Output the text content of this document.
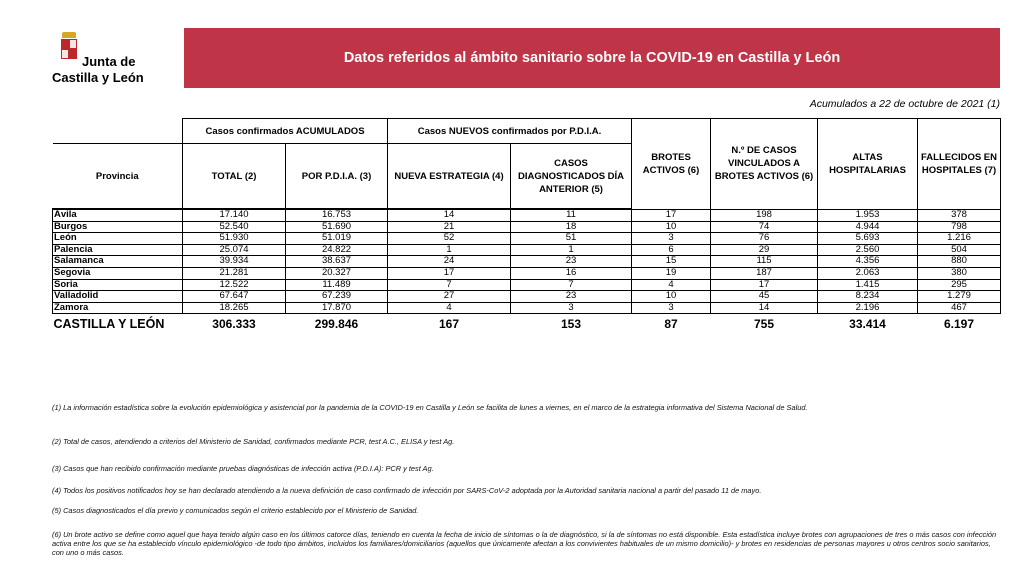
Junta de
Castilla y León
Datos referidos al ámbito sanitario sobre la COVID-19 en Castilla y León
Acumulados a 22 de octubre de 2021 (1)
	Casos confirmados ACUMULADOS		Casos NUEVOS confirmados por P.D.I.A.		BROTES ACTIVOS (6)	N.º DE CASOS VINCULADOS A BROTES ACTIVOS (6)	ALTAS HOSPITALARIAS	FALLECIDOS EN HOSPITALES (7)
Provincia	TOTAL (2)	POR P.D.I.A. (3)	NUEVA ESTRATEGIA (4)	CASOS DIAGNOSTICADOS DÍA ANTERIOR (5)				
Ávila	17.140	16.753	14	11	17	198	1.953	378
Burgos	52.540	51.690	21	18	10	74	4.944	798
León	51.930	51.019	52	51	3	76	5.693	1.216
Palencia	25.074	24.822	1	1	6	29	2.560	504
Salamanca	39.934	38.637	24	23	15	115	4.356	880
Segovia	21.281	20.327	17	16	19	187	2.063	380
Soria	12.522	11.489	7	7	4	17	1.415	295
Valladolid	67.647	67.239	27	23	10	45	8.234	1.279
Zamora	18.265	17.870	4	3	3	14	2.196	467
CASTILLA Y LEÓN	306.333	299.846	167	153	87	755	33.414	6.197
(1) La información estadística sobre la evolución epidemiológica y asistencial por la pandemia de la COVID-19 en Castilla y León se facilita de lunes a viernes, en el marco de la estrategia informativa del Sistema Nacional de Salud.
(2) Total de casos, atendiendo a criterios del Ministerio de Sanidad, confirmados mediante PCR, test A.C., ELISA y test Ag.
(3) Casos que han recibido confirmación mediante pruebas diagnósticas de infección activa (P.D.I.A): PCR y test Ag.
(4) Todos los positivos notificados hoy se han declarado atendiendo a la nueva definición de caso confirmado de infección por SARS-CoV-2 adoptada por la Autoridad sanitaria nacional a partir del pasado 11 de mayo.
(5) Casos diagnosticados el día previo y comunicados según el criterio establecido por el Ministerio de Sanidad.
(6) Un brote activo se define como aquel que haya tenido algún caso en los últimos catorce días, teniendo en cuenta la fecha de inicio de síntomas o la de diagnóstico, si la de síntomas no está disponible. Esta estadística incluye brotes con agrupaciones de tres o más casos con infección activa entre los que se ha establecido vínculo epidemiológico -de todo tipo ámbitos, incluidos los familiares/domiciliarios (aquellos que únicamente afectan a los convivientes habituales de un mismo domicilio)- y brotes en residencias de personas mayores u otros centros socio sanitarios, con uno o más casos.
